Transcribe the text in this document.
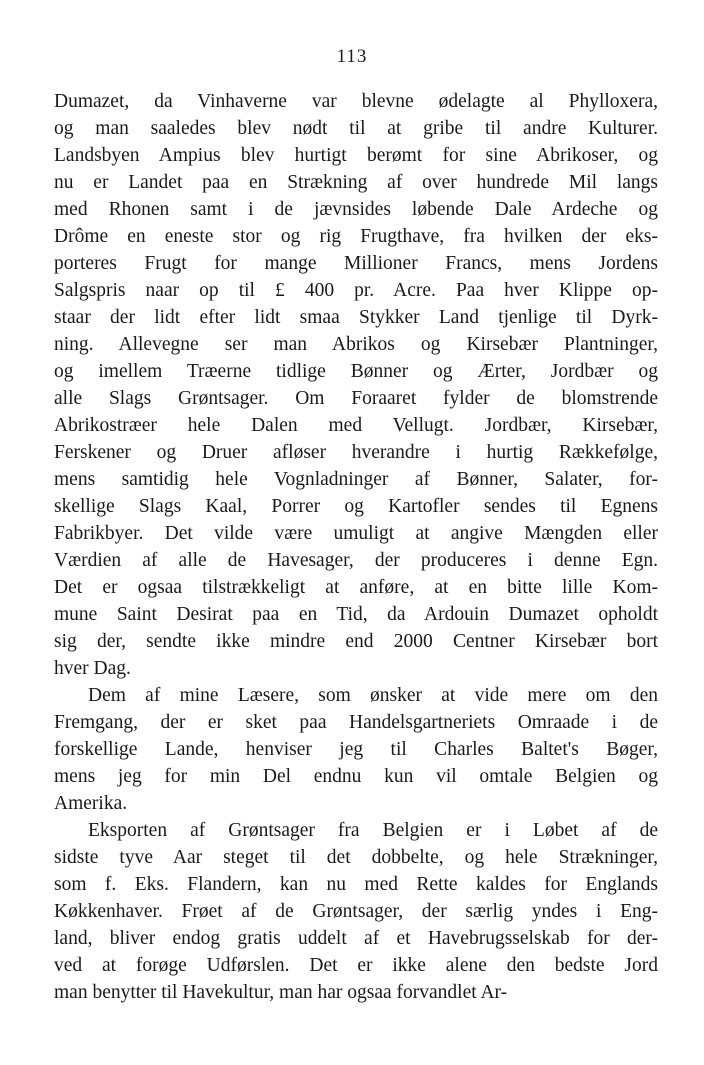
113
Dumazet, da Vinhaverne var blevne ødelagte al Phylloxera,
og man saaledes blev nødt til at gribe til andre Kulturer.
Landsbyen Ampius blev hurtigt berømt for sine Abrikoser, og
nu er Landet paa en Strækning af over hundrede Mil langs
med Rhonen samt i de jævnsides løbende Dale Ardeche og
Drôme en eneste stor og rig Frugthave, fra hvilken der eks-
porteres Frugt for mange Millioner Francs, mens Jordens
Salgspris naar op til £ 400 pr. Acre. Paa hver Klippe op-
staar der lidt efter lidt smaa Stykker Land tjenlige til Dyrk-
ning. Allevegne ser man Abrikos og Kirsebær Plantninger,
og imellem Træerne tidlige Bønner og Ærter, Jordbær og
alle Slags Grøntsager. Om Foraaret fylder de blomstrende
Abrikostræer hele Dalen med Vellugt. Jordbær, Kirsebær,
Ferskener og Druer afløser hverandre i hurtig Rækkefølge,
mens samtidig hele Vognladninger af Bønner, Salater, for-
skellige Slags Kaal, Porrer og Kartofler sendes til Egnens
Fabrikbyer. Det vilde være umuligt at angive Mængden eller
Værdien af alle de Havesager, der produceres i denne Egn.
Det er ogsaa tilstrækkeligt at anføre, at en bitte lille Kom-
mune Saint Desirat paa en Tid, da Ardouin Dumazet opholdt
sig der, sendte ikke mindre end 2000 Centner Kirsebær bort
hver Dag.
Dem af mine Læsere, som ønsker at vide mere om den
Fremgang, der er sket paa Handelsgartneriets Omraade i de
forskellige Lande, henviser jeg til Charles Baltet's Bøger,
mens jeg for min Del endnu kun vil omtale Belgien og
Amerika.
Eksporten af Grøntsager fra Belgien er i Løbet af de
sidste tyve Aar steget til det dobbelte, og hele Strækninger,
som f. Eks. Flandern, kan nu med Rette kaldes for Englands
Køkkenhaver. Frøet af de Grøntsager, der særlig yndes i Eng-
land, bliver endog gratis uddelt af et Havebrugsselskab for der-
ved at forøge Udførslen. Det er ikke alene den bedste Jord
man benytter til Havekultur, man har ogsaa forvandlet Ar-
